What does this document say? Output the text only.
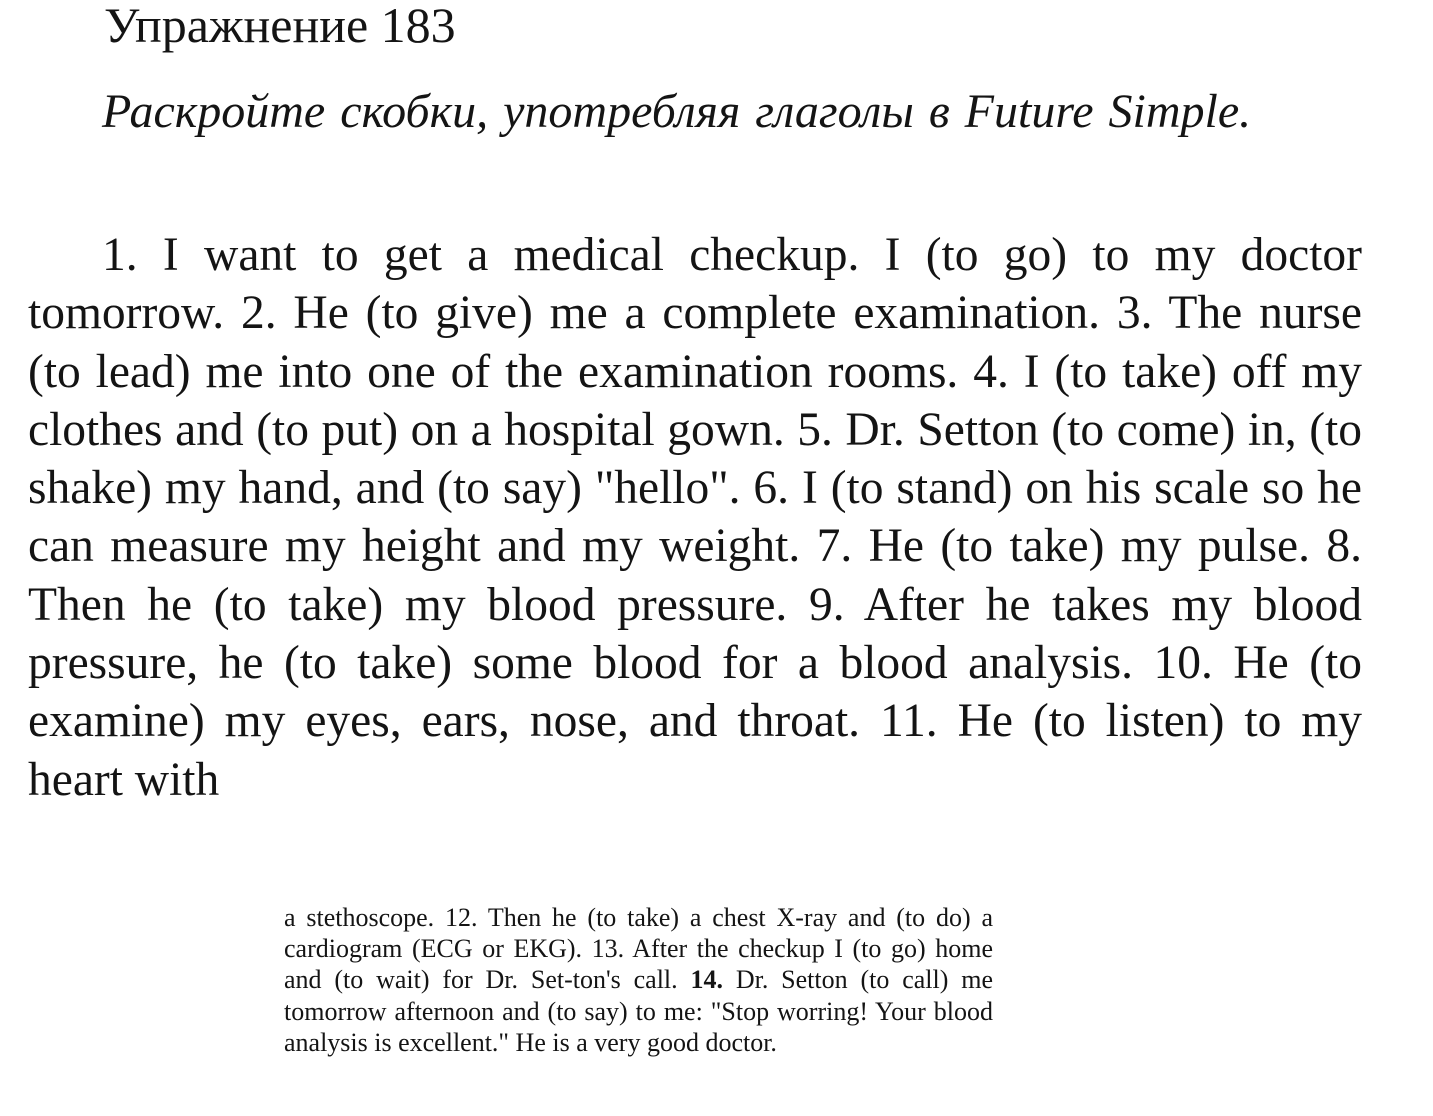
Упражнение 183

Раскройте скобки, употребляя глаголы в Future Simple.

1. I want to get a medical checkup. I (to go) to my doctor tomorrow. 2. He (to give) me a complete examination. 3. The nurse (to lead) me into one of the examination rooms. 4. I (to take) off my clothes and (to put) on a hospital gown. 5. Dr. Setton (to come) in, (to shake) my hand, and (to say) "hello". 6. I (to stand) on his scale so he can measure my height and my weight. 7. He (to take) my pulse. 8. Then he (to take) my blood pressure. 9. After he takes my blood pressure, he (to take) some blood for a blood analysis. 10. He (to examine) my eyes, ears, nose, and throat. 11. He (to listen) to my heart with

a stethoscope. 12. Then he (to take) a chest X-ray and (to do) a cardiogram (ECG or EKG). 13. After the checkup I (to go) home and (to wait) for Dr. Set-ton's call. 14. Dr. Setton (to call) me tomorrow afternoon and (to say) to me: "Stop worring! Your blood analysis is excellent." He is a very good doctor.
